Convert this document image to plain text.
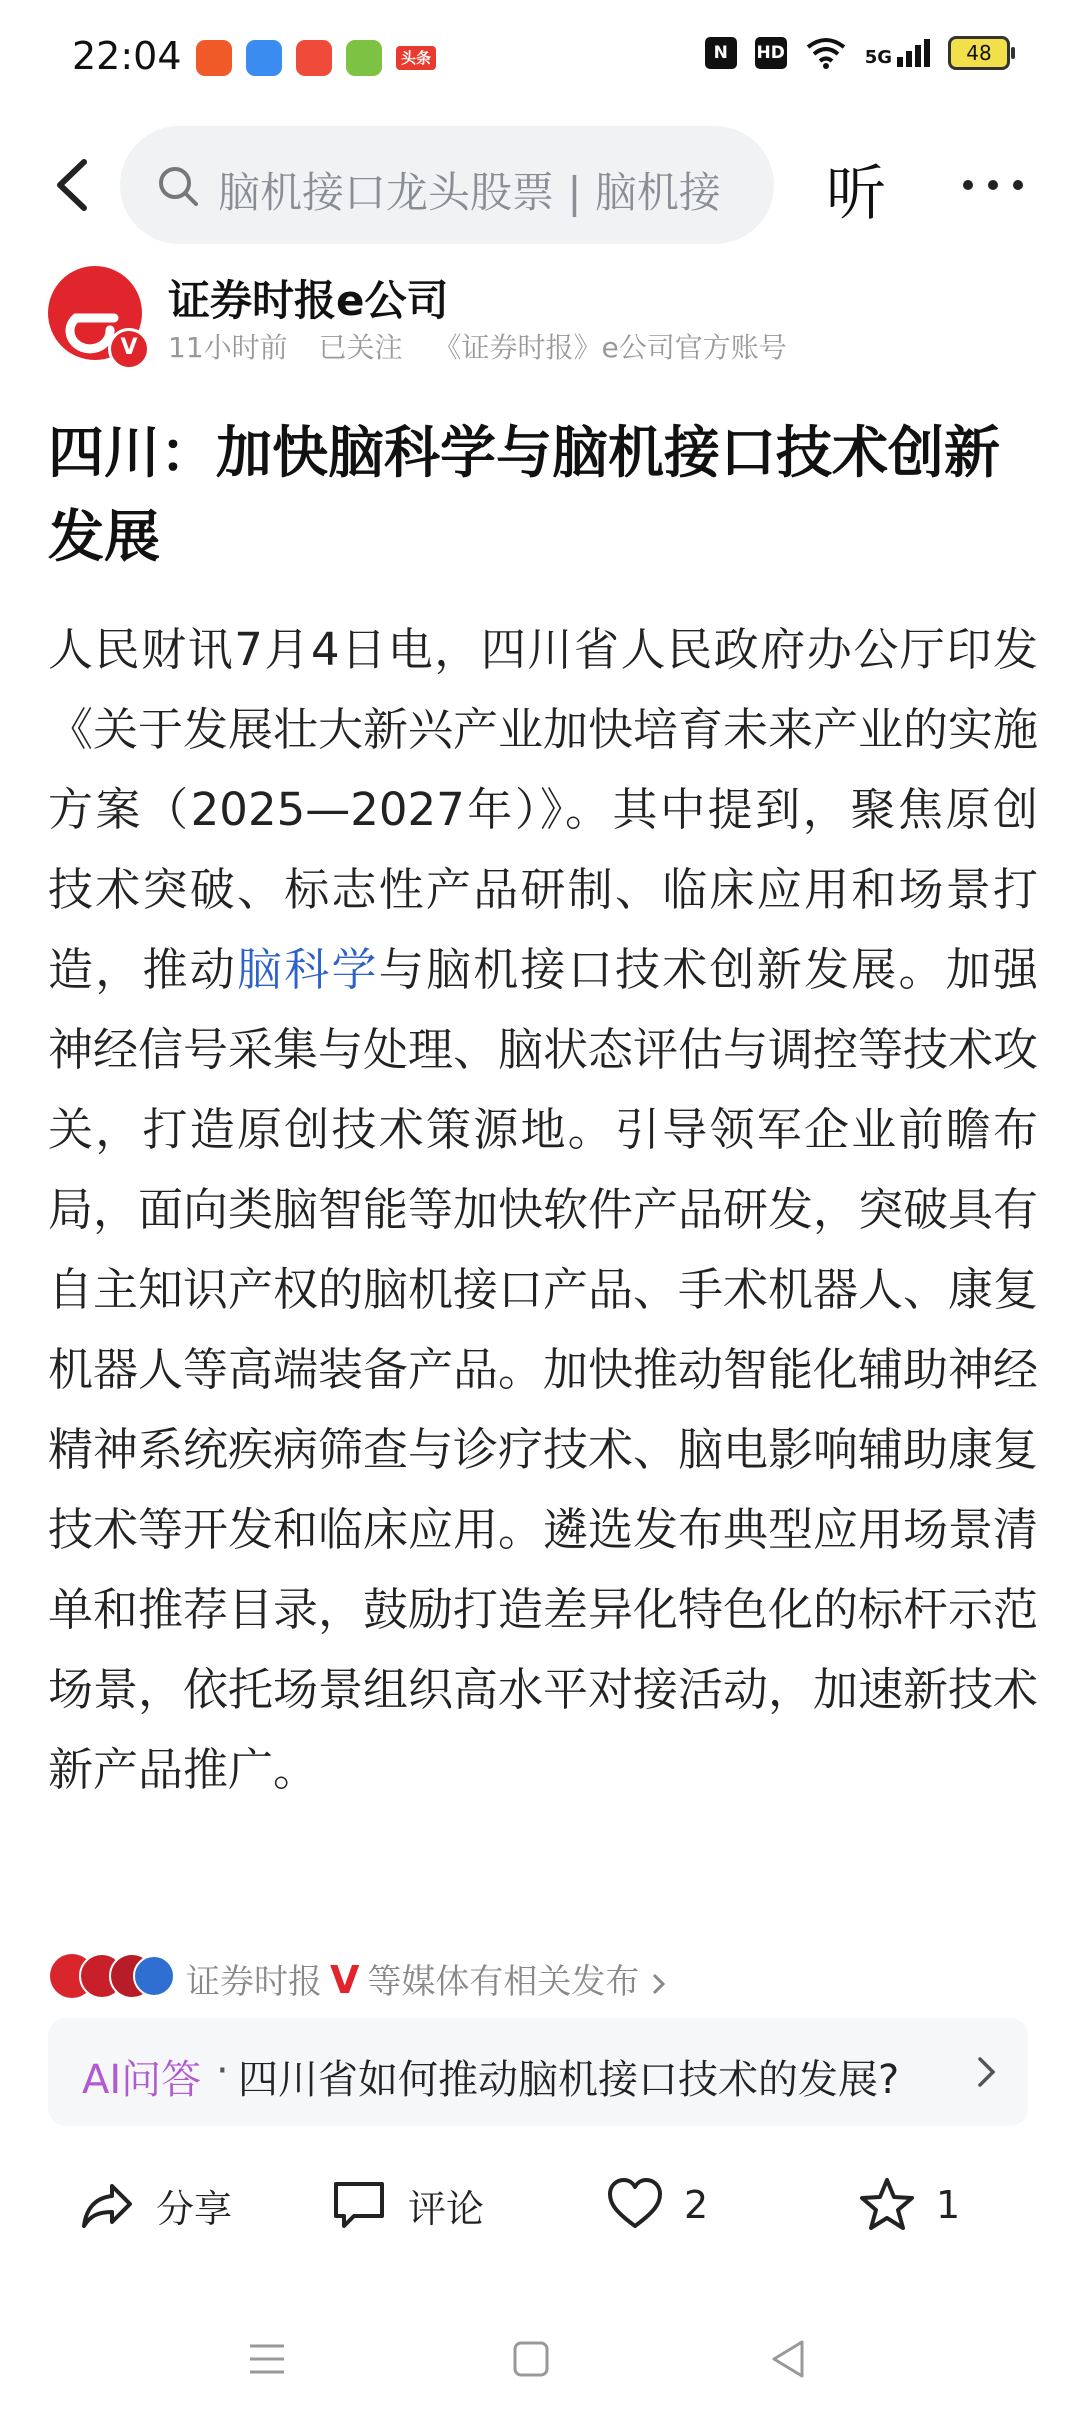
22:04	头条	N	HD	5G	48
脑机接口龙头股票 | 脑机接 听
V
证券时报e公司
11小时前 已关注 《证券时报》e公司官方账号
四川：加快脑科学与脑机接口技术创新发展
人民财讯7月4日电，四川省人民政府办公厅印发《关于发展壮大新兴产业加快培育未来产业的实施方案（2025—2027年）》。其中提到，聚焦原创技术突破、标志性产品研制、临床应用和场景打造，推动脑科学与脑机接口技术创新发展。加强神经信号采集与处理、脑状态评估与调控等技术攻关，打造原创技术策源地。引导领军企业前瞻布局，面向类脑智能等加快软件产品研发，突破具有自主知识产权的脑机接口产品、手术机器人、康复机器人等高端装备产品。加快推动智能化辅助神经精神系统疾病筛查与诊疗技术、脑电影响辅助康复技术等开发和临床应用。遴选发布典型应用场景清单和推荐目录，鼓励打造差异化特色化的标杆示范场景，依托场景组织高水平对接活动，加速新技术新产品推广。
证券时报 V 等媒体有相关发布
AI问答 · 四川省如何推动脑机接口技术的发展?
分享	评论	2	1
